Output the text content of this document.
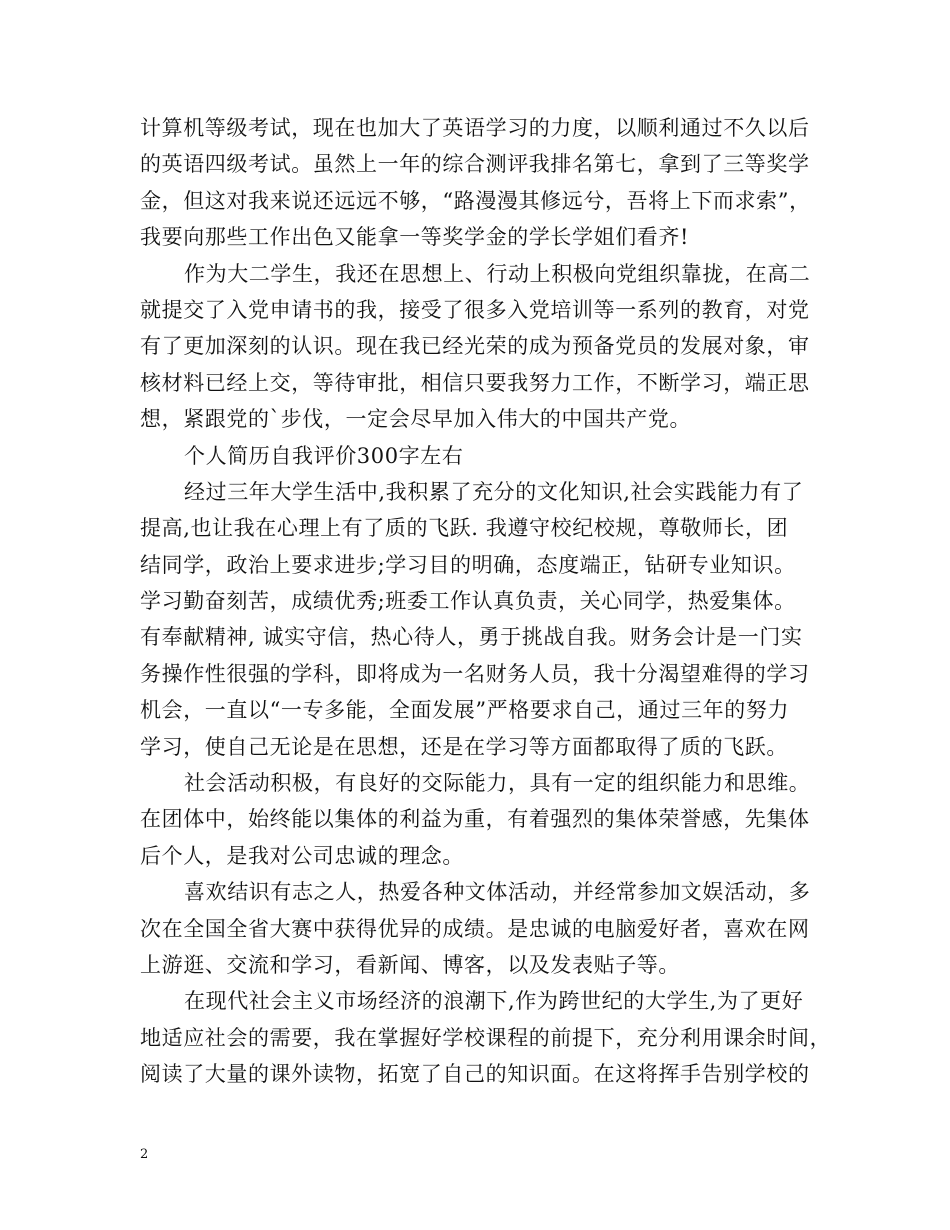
计算机等级考试，现在也加大了英语学习的力度，以顺利通过不久以后
的英语四级考试。虽然上一年的综合测评我排名第七，拿到了三等奖学
金，但这对我来说还远远不够，“路漫漫其修远兮，吾将上下而求索”，
我要向那些工作出色又能拿一等奖学金的学长学姐们看齐!
作为大二学生，我还在思想上、行动上积极向党组织靠拢，在高二
就提交了入党申请书的我，接受了很多入党培训等一系列的教育，对党
有了更加深刻的认识。现在我已经光荣的成为预备党员的发展对象，审
核材料已经上交，等待审批，相信只要我努力工作，不断学习，端正思
想，紧跟党的`步伐，一定会尽早加入伟大的中国共产党。
个人简历自我评价300字左右
经过三年大学生活中,我积累了充分的文化知识,社会实践能力有了
提高,也让我在心理上有了质的飞跃. 我遵守校纪校规，尊敬师长，团
结同学，政治上要求进步;学习目的明确，态度端正，钻研专业知识。
学习勤奋刻苦，成绩优秀;班委工作认真负责，关心同学，热爱集体。
有奉献精神, 诚实守信，热心待人，勇于挑战自我。财务会计是一门实
务操作性很强的学科，即将成为一名财务人员，我十分渴望难得的学习
机会，一直以“一专多能，全面发展”严格要求自己，通过三年的努力
学习，使自己无论是在思想，还是在学习等方面都取得了质的飞跃。
社会活动积极，有良好的交际能力，具有一定的组织能力和思维。
在团体中，始终能以集体的利益为重，有着强烈的集体荣誉感，先集体
后个人，是我对公司忠诚的理念。
喜欢结识有志之人，热爱各种文体活动，并经常参加文娱活动，多
次在全国全省大赛中获得优异的成绩。是忠诚的电脑爱好者，喜欢在网
上游逛、交流和学习，看新闻、博客，以及发表贴子等。
在现代社会主义市场经济的浪潮下,作为跨世纪的大学生,为了更好
地适应社会的需要，我在掌握好学校课程的前提下，充分利用课余时间，
阅读了大量的课外读物，拓宽了自己的知识面。在这将挥手告别学校的
2
